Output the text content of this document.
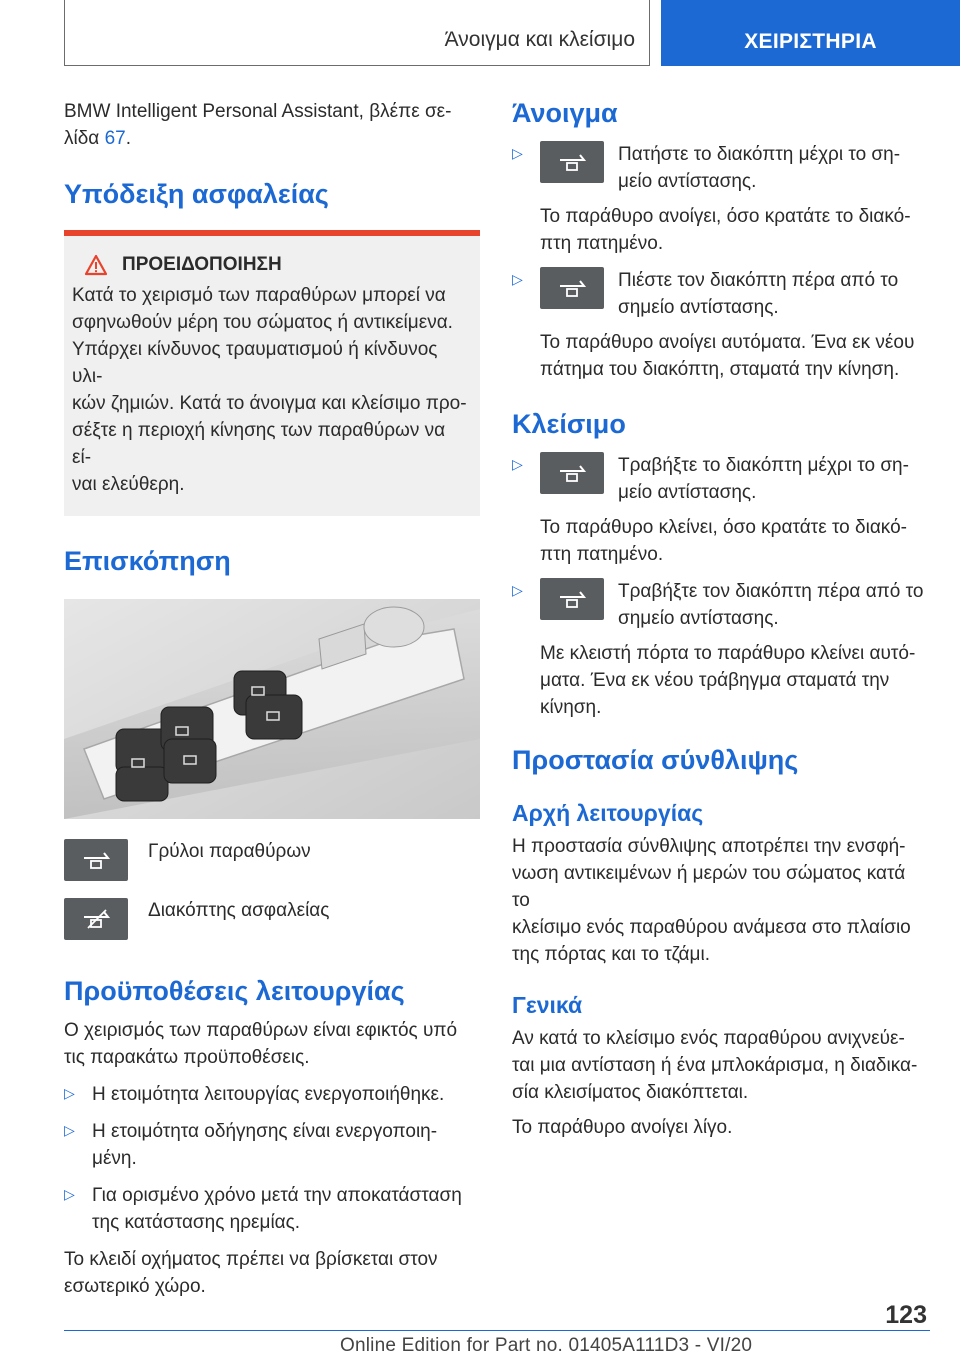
Άνοιγμα και κλείσιμο	ΧΕΙΡΙΣΤΗΡΙΑ

BMW Intelligent Personal Assistant, βλέπε σε-
λίδα 67.

Υπόδειξη ασφαλείας
ΠΡΟΕΙΔΟΠΟΙΗΣΗ

Κατά το χειρισμό των παραθύρων μπορεί να
σφηνωθούν μέρη του σώματος ή αντικείμενα.
Υπάρχει κίνδυνος τραυματισμού ή κίνδυνος υλι-
κών ζημιών. Κατά το άνοιγμα και κλείσιμο προ-
σέξτε η περιοχή κίνησης των παραθύρων να εί-
ναι ελεύθερη.

Επισκόπηση
Γρύλοι παραθύρων
Διακόπτης ασφαλείας
Προϋποθέσεις λειτουργίας

Ο χειρισμός των παραθύρων είναι εφικτός υπό
τις παρακάτω προϋποθέσεις.

▷ Η ετοιμότητα λειτουργίας ενεργοποιήθηκε.

▷ Η ετοιμότητα οδήγησης είναι ενεργοποιη-
μένη.

▷ Για ορισμένο χρόνο μετά την αποκατάσταση
της κατάστασης ηρεμίας.

Το κλειδί οχήματος πρέπει να βρίσκεται στον
εσωτερικό χώρο.

Άνοιγμα
▷	Πατήστε το διακόπτη μέχρι το ση-
μείο αντίστασης.

Το παράθυρο ανοίγει, όσο κρατάτε το διακό-
πτη πατημένο.

▷	Πιέστε τον διακόπτη πέρα από το
σημείο αντίστασης.

Το παράθυρο ανοίγει αυτόματα. Ένα εκ νέου
πάτημα του διακόπτη, σταματά την κίνηση.

Κλείσιμο
▷	Τραβήξτε το διακόπτη μέχρι το ση-
μείο αντίστασης.

Το παράθυρο κλείνει, όσο κρατάτε το διακό-
πτη πατημένο.

▷	Τραβήξτε τον διακόπτη πέρα από το
σημείο αντίστασης.

Με κλειστή πόρτα το παράθυρο κλείνει αυτό-
ματα. Ένα εκ νέου τράβηγμα σταματά την
κίνηση.

Προστασία σύνθλιψης
Αρχή λειτουργίας

Η προστασία σύνθλιψης αποτρέπει την ενσφή-
νωση αντικειμένων ή μερών του σώματος κατά το
κλείσιμο ενός παραθύρου ανάμεσα στο πλαίσιο
της πόρτας και το τζάμι.

Γενικά

Αν κατά το κλείσιμο ενός παραθύρου ανιχνεύε-
ται μια αντίσταση ή ένα μπλοκάρισμα, η διαδικα-
σία κλεισίματος διακόπτεται.

Το παράθυρο ανοίγει λίγο.

123
Online Edition for Part no. 01405A111D3 - VI/20
